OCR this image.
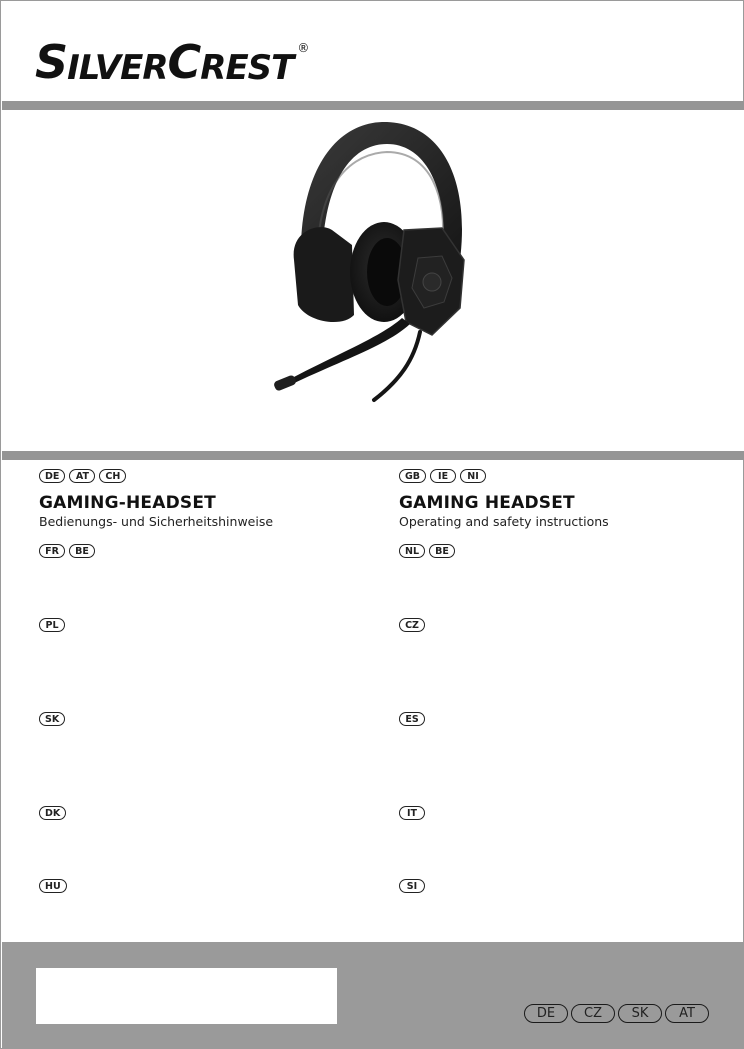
S ILVER C REST ®
DE	AT	CH
GAMING-HEADSET
Bedienungs- und Sicherheitshinweise
GB	IE	NI
GAMING HEADSET
Operating and safety instructions
FR	BE	NL	BE
PL	CZ
SK	ES
DK	IT
HU	SI
DE	CZ	SK	AT
